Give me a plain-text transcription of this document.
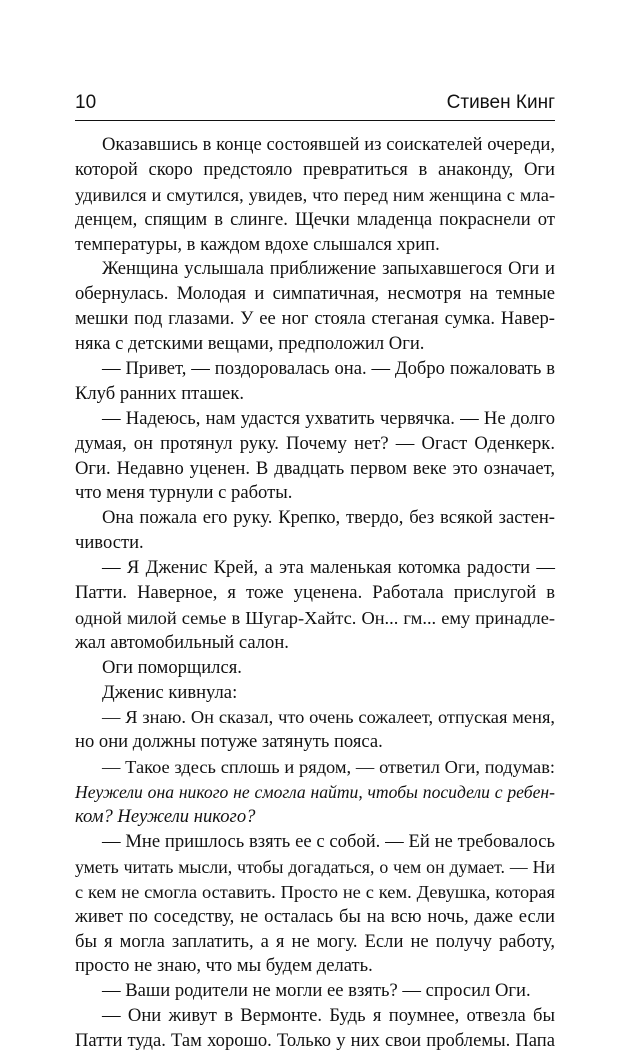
10	Стивен Кинг
Оказавшись в конце состоявшей из соискателей очереди,
которой скоро предстояло превратиться в анаконду, Оги
удивился и смутился, увидев, что перед ним женщина с мла-
денцем, спящим в слинге. Щечки младенца покраснели от
температуры, в каждом вдохе слышался хрип.
Женщина услышала приближение запыхавшегося Оги и
обернулась. Молодая и симпатичная, несмотря на темные
мешки под глазами. У ее ног стояла стеганая сумка. Навер-
няка с детскими вещами, предположил Оги.
— Привет, — поздоровалась она. — Добро пожаловать в
Клуб ранних пташек.
— Надеюсь, нам удастся ухватить червячка. — Не долго
думая, он протянул руку. Почему нет? — Огаст Оденкерк.
Оги. Недавно уценен. В двадцать первом веке это означает,
что меня турнули с работы.
Она пожала его руку. Крепко, твердо, без всякой застен-
чивости.
— Я Дженис Крей, а эта маленькая котомка радости —
Патти. Наверное, я тоже уценена. Работала прислугой в
одной милой семье в Шугар-Хайтс. Он... гм... ему принадле-
жал автомобильный салон.
Оги поморщился.
Дженис кивнула:
— Я знаю. Он сказал, что очень сожалеет, отпуская меня,
но они должны потуже затянуть пояса.
— Такое здесь сплошь и рядом, — ответил Оги, подумав:
Неужели она никого не смогла найти, чтобы посидели с ребен-
ком? Неужели никого?
— Мне пришлось взять ее с собой. — Ей не требовалось
уметь читать мысли, чтобы догадаться, о чем он думает. — Ни
с кем не смогла оставить. Просто не с кем. Девушка, которая
живет по соседству, не осталась бы на всю ночь, даже если
бы я могла заплатить, а я не могу. Если не получу работу,
просто не знаю, что мы будем делать.
— Ваши родители не могли ее взять? — спросил Оги.
— Они живут в Вермонте. Будь я поумнее, отвезла бы
Патти туда. Там хорошо. Только у них свои проблемы. Папа
